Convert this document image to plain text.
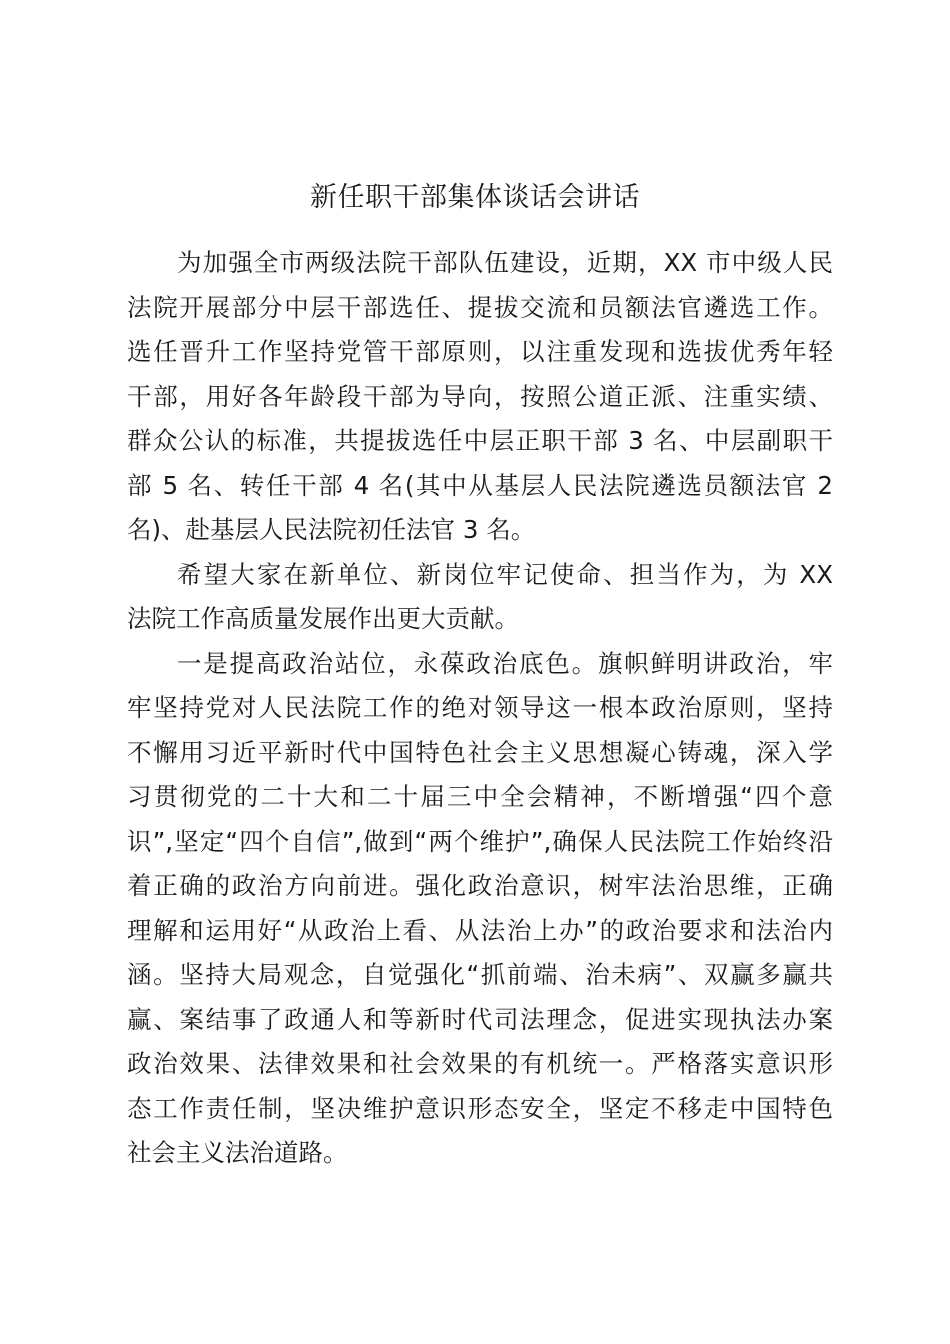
新任职干部集体谈话会讲话
为加强全市两级法院干部队伍建设，近期，XX 市中级人民
法院开展部分中层干部选任、提拔交流和员额法官遴选工作。
选任晋升工作坚持党管干部原则，以注重发现和选拔优秀年轻
干部，用好各年龄段干部为导向，按照公道正派、注重实绩、
群众公认的标准，共提拔选任中层正职干部 3 名、中层副职干
部 5 名、转任干部 4 名(其中从基层人民法院遴选员额法官 2
名)、赴基层人民法院初任法官 3 名。
希望大家在新单位、新岗位牢记使命、担当作为，为 XX
法院工作高质量发展作出更大贡献。
一是提高政治站位，永葆政治底色。旗帜鲜明讲政治，牢
牢坚持党对人民法院工作的绝对领导这一根本政治原则，坚持
不懈用习近平新时代中国特色社会主义思想凝心铸魂，深入学
习贯彻党的二十大和二十届三中全会精神，不断增强“四个意
识”,坚定“四个自信”,做到“两个维护”,确保人民法院工作始终沿
着正确的政治方向前进。强化政治意识，树牢法治思维，正确
理解和运用好“从政治上看、从法治上办”的政治要求和法治内
涵。坚持大局观念，自觉强化“抓前端、治未病”、双赢多赢共
赢、案结事了政通人和等新时代司法理念，促进实现执法办案
政治效果、法律效果和社会效果的有机统一。严格落实意识形
态工作责任制，坚决维护意识形态安全，坚定不移走中国特色
社会主义法治道路。
